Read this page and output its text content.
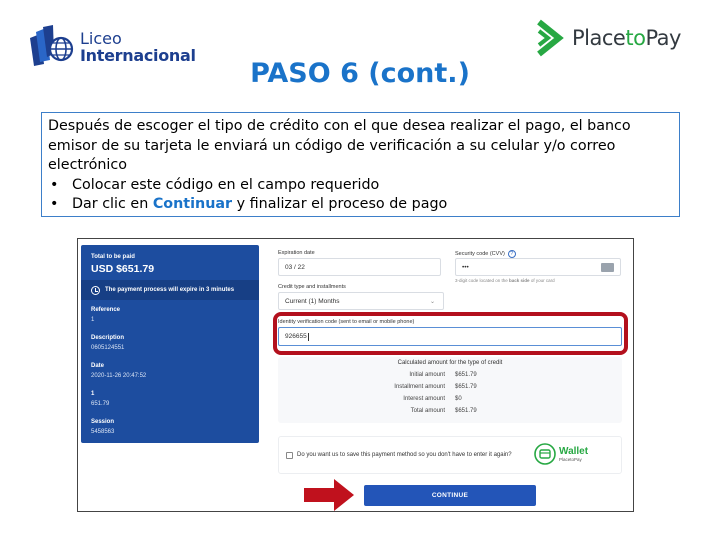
Liceo
Internacional
PlacetoPay
PASO 6 (cont.)
Después de escoger el tipo de crédito con el que desea realizar el pago, el banco emisor de su tarjeta le enviará un código de verificación a su celular y/o correo electrónico
• Colocar este código en el campo requerido
• Dar clic en Continuar y finalizar el proceso de pago
Total to be paid
USD $651.79
The payment process will expire in 3 minutes
Reference
1
Description
0605124551
Date
2020-11-26 20:47:52
1
651.79
Session
5458563
Expiration date
03 / 22
Security code (CVV) ?
•••
3-digit code located on the back side of your card
Credit type and installments
Current (1) Months	⌄
Identity verification code (sent to email or mobile phone)
926655
Calculated amount for the type of credit
Initial amount $651.79
Installment amount $651.79
Interest amount $0
Total amount $651.79
Do you want us to save this payment method so you don't have to enter it again?	Wallet
PlacetoPay
CONTINUE
